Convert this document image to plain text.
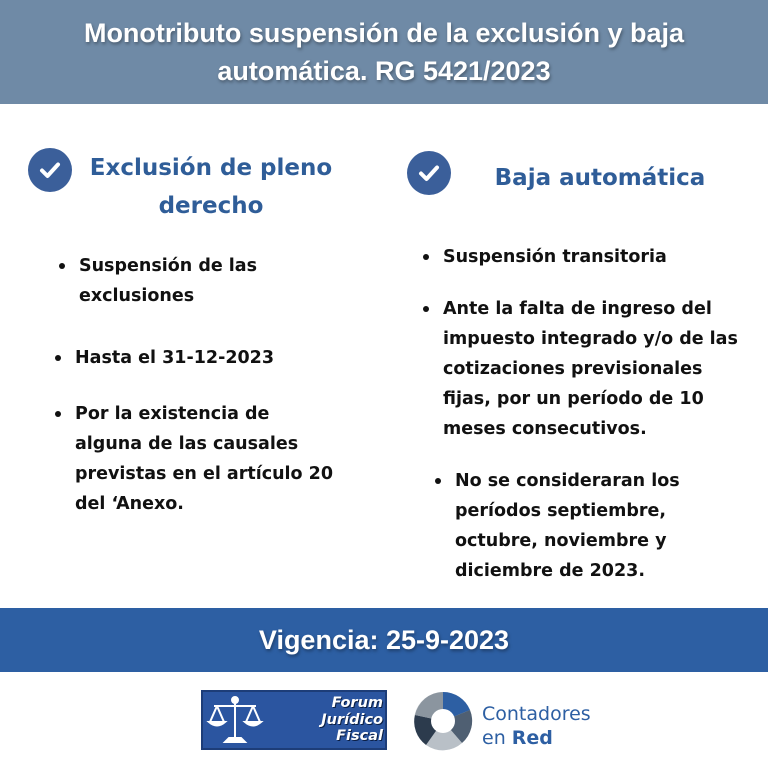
Monotributo suspensión de la exclusión y baja automática. RG 5421/2023
Exclusión de pleno derecho
Suspensión de las exclusiones
Hasta el 31-12-2023
Por la existencia de alguna de las causales previstas en el artículo 20 del ‘Anexo.
Baja automática
Suspensión transitoria
Ante la falta de ingreso del impuesto integrado y/o de las cotizaciones previsionales fijas, por un período de 10 meses consecutivos.
No se consideraran los períodos septiembre, octubre, noviembre y diciembre de 2023.
Vigencia: 25-9-2023
Forum
Jurídico
Fiscal
Contadores
en Red
